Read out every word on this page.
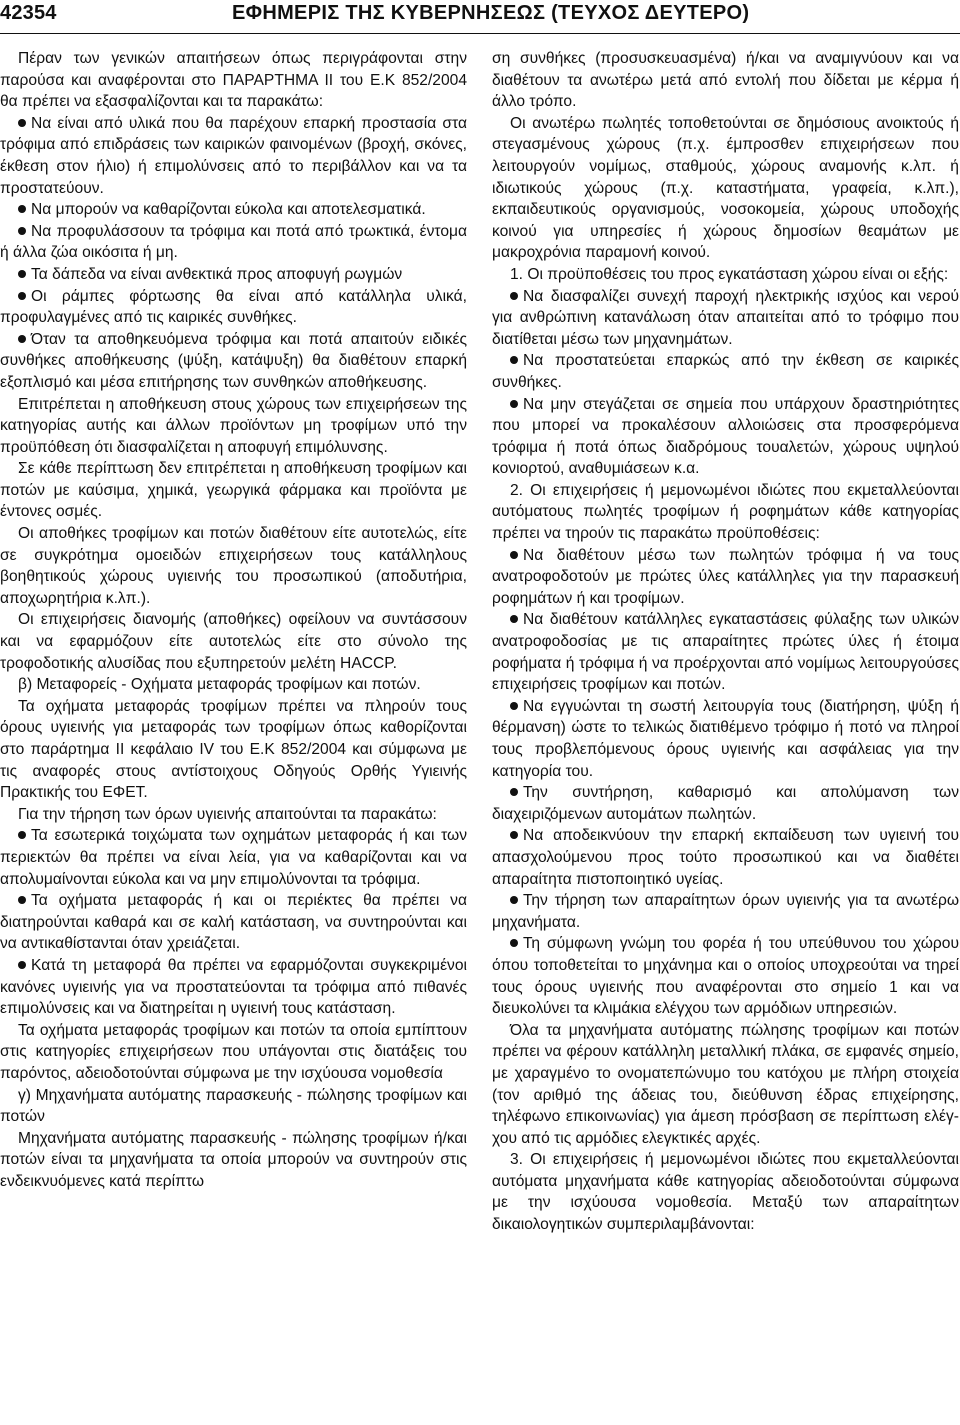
42354	ΕΦΗΜΕΡΙΣ ΤΗΣ ΚΥΒΕΡΝΗΣΕΩΣ (ΤΕΥΧΟΣ ΔΕΥΤΕΡΟ)

Πέραν των γενικών απαιτήσεων όπως περιγράφονται στην παρούσα και αναφέρονται στο ΠΑΡΑΡΤΗΜΑ ΙΙ του Ε.Κ 852/2004 θα πρέπει να εξασφαλίζονται και τα παρακάτω:

Να είναι από υλικά που θα παρέχουν επαρκή προστασία στα τρόφιμα από επιδράσεις των καιρικών φαινομένων (βροχή, σκόνες, έκθεση στον ήλιο) ή επιμολύνσεις από το περιβάλλον και να τα προστατεύουν.

Να μπορούν να καθαρίζονται εύκολα και αποτελεσματικά.

Να προφυλάσσουν τα τρόφιμα και ποτά από τρωκτικά, έντομα ή άλλα ζώα οικόσιτα ή μη.

Τα δάπεδα να είναι ανθεκτικά προς αποφυγή ρωγμών

Οι ράμπες φόρτωσης θα είναι από κατάλληλα υλικά, προφυλαγμένες από τις καιρικές συνθήκες.

Όταν τα αποθηκευόμενα τρόφιμα και ποτά απαιτούν ειδικές συνθήκες αποθήκευσης (ψύξη, κατάψυξη) θα διαθέτουν επαρκή εξοπλισμό και μέσα επιτήρησης των συνθηκών αποθήκευσης.

Επιτρέπεται η αποθήκευση στους χώρους των επιχειρήσεων της κατηγορίας αυτής και άλλων προϊόντων μη τροφίμων υπό την προϋπόθεση ότι διασφαλίζεται η αποφυγή επιμόλυνσης.

Σε κάθε περίπτωση δεν επιτρέπεται η αποθήκευση τροφίμων και ποτών με καύσιμα, χημικά, γεωργικά φάρμακα και προϊόντα με έντονες οσμές.

Οι αποθήκες τροφίμων και ποτών διαθέτουν είτε αυτοτελώς, είτε σε συγκρότημα ομοειδών επιχειρήσεων τους κατάλληλους βοηθητικούς χώρους υγιεινής του προσωπικού (αποδυτήρια, αποχωρητήρια κ.λπ.).

Οι επιχειρήσεις διανομής (αποθήκες) οφείλουν να συντάσσουν και να εφαρμόζουν είτε αυτοτελώς είτε στο σύνολο της τροφοδοτικής αλυσίδας που εξυπηρετούν μελέτη HACCP.

β) Μεταφορείς - Οχήματα μεταφοράς τροφίμων και ποτών.

Τα οχήματα μεταφοράς τροφίμων πρέπει να πληρούν τους όρους υγιεινής για μεταφοράς των τροφίμων όπως καθορίζονται στο παράρτημα ΙΙ κεφάλαιο IV του Ε.Κ 852/2004 και σύμφωνα με τις αναφορές στους αντίστοιχους Οδηγούς Ορθής Υγιεινής Πρακτικής του ΕΦΕΤ.

Για την τήρηση των όρων υγιεινής απαιτούνται τα παρακάτω:

Τα εσωτερικά τοιχώματα των οχημάτων μεταφοράς ή και των περιεκτών θα πρέπει να είναι λεία, για να καθαρίζονται και να απολυμαίνονται εύκολα και να μην επιμολύνονται τα τρόφιμα.

Τα οχήματα μεταφοράς ή και οι περιέκτες θα πρέπει να διατηρούνται καθαρά και σε καλή κατάσταση, να συντηρούνται και να αντικαθίστανται όταν χρειάζεται.

Κατά τη μεταφορά θα πρέπει να εφαρμόζονται συγκεκριμένοι κανόνες υγιεινής για να προστατεύονται τα τρόφιμα από πιθανές επιμολύνσεις και να διατηρείται η υγιεινή τους κατάσταση.

Τα οχήματα μεταφοράς τροφίμων και ποτών τα οποία εμπίπτουν στις κατηγορίες επιχειρήσεων που υπάγονται στις διατάξεις του παρόντος, αδειοδοτούνται σύμφωνα με την ισχύουσα νομοθεσία

γ) Μηχανήματα αυτόματης παρασκευής - πώλησης τροφίμων και ποτών

Μηχανήματα αυτόματης παρασκευής - πώλησης τροφίμων ή/και ποτών είναι τα μηχανήματα τα οποία μπορούν να συντηρούν στις ενδεικνυόμενες κατά περίπτω

ση συνθήκες (προσυσκευασμένα) ή/και να αναμιγνύουν και να διαθέτουν τα ανωτέρω μετά από εντολή που δίδεται με κέρμα ή άλλο τρόπο.

Οι ανωτέρω πωλητές τοποθετούνται σε δημόσιους ανοικτούς ή στεγασμένους χώρους (π.χ. έμπροσθεν επιχειρήσεων που λειτουργούν νομίμως, σταθμούς, χώρους αναμονής κ.λπ. ή ιδιωτικούς χώρους (π.χ. καταστήματα, γραφεία, κ.λπ.), εκπαιδευτικούς οργανισμούς, νοσοκομεία, χώρους υποδοχής κοινού για υπηρεσίες ή χώρους δημοσίων θεαμάτων με μακροχρόνια παραμονή κοινού.

1. Οι προϋποθέσεις του προς εγκατάσταση χώρου είναι οι εξής:

Να διασφαλίζει συνεχή παροχή ηλεκτρικής ισχύος και νερού για ανθρώπινη κατανάλωση όταν απαιτείται από το τρόφιμο που διατίθεται μέσω των μηχανημάτων.

Να προστατεύεται επαρκώς από την έκθεση σε καιρικές συνθήκες.

Να μην στεγάζεται σε σημεία που υπάρχουν δραστηριότητες που μπορεί να προκαλέσουν αλλοιώσεις στα προσφερόμενα τρόφιμα ή ποτά όπως διαδρόμους τουαλετών, χώρους υψηλού κονιορτού, αναθυμιάσεων κ.α.

2. Οι επιχειρήσεις ή μεμονωμένοι ιδιώτες που εκμεταλλεύονται αυτόματους πωλητές τροφίμων ή ροφημάτων κάθε κατηγορίας πρέπει να τηρούν τις παρακάτω προϋποθέσεις:

Να διαθέτουν μέσω των πωλητών τρόφιμα ή να τους ανατροφοδοτούν με πρώτες ύλες κατάλληλες για την παρασκευή ροφημάτων ή και τροφίμων.

Να διαθέτουν κατάλληλες εγκαταστάσεις φύλαξης των υλικών ανατροφοδοσίας με τις απαραίτητες πρώτες ύλες ή έτοιμα ροφήματα ή τρόφιμα ή να προέρχονται από νομίμως λειτουργούσες επιχειρήσεις τροφίμων και ποτών.

Να εγγυώνται τη σωστή λειτουργία τους (διατήρηση, ψύξη ή θέρμανση) ώστε το τελικώς διατιθέμενο τρόφιμο ή ποτό να πληροί τους προβλεπόμενους όρους υγιεινής και ασφάλειας για την κατηγορία του.

Την συντήρηση, καθαρισμό και απολύμανση των διαχειριζόμενων αυτομάτων πωλητών.

Να αποδεικνύουν την επαρκή εκπαίδευση των υγιεινή του απασχολούμενου προς τούτο προσωπικού και να διαθέτει απαραίτητα πιστοποιητικό υγείας.

Την τήρηση των απαραίτητων όρων υγιεινής για τα ανωτέρω μηχανήματα.

Τη σύμφωνη γνώμη του φορέα ή του υπεύθυνου του χώρου όπου τοποθετείται το μηχάνημα και ο οποίος υποχρεούται να τηρεί τους όρους υγιεινής που αναφέρονται στο σημείο 1 και να διευκολύνει τα κλιμάκια ελέγχου των αρμόδιων υπηρεσιών.

Όλα τα μηχανήματα αυτόματης πώλησης τροφίμων και ποτών πρέπει να φέρουν κατάλληλη μεταλλική πλάκα, σε εμφανές σημείο, με χαραγμένο το ονοματεπώνυμο του κατόχου με πλήρη στοιχεία (τον αριθμό της άδειας του, διεύθυνση έδρας επιχείρησης, τηλέφωνο επικοινωνίας) για άμεση πρόσβαση σε περίπτωση ελέγχου από τις αρμόδιες ελεγκτικές αρχές.

3. Οι επιχειρήσεις ή μεμονωμένοι ιδιώτες που εκμεταλλεύονται αυτόματα μηχανήματα κάθε κατηγορίας αδειοδοτούνται σύμφωνα με την ισχύουσα νομοθεσία. Μεταξύ των απαραίτητων δικαιολογητικών συμπεριλαμβάνονται:
